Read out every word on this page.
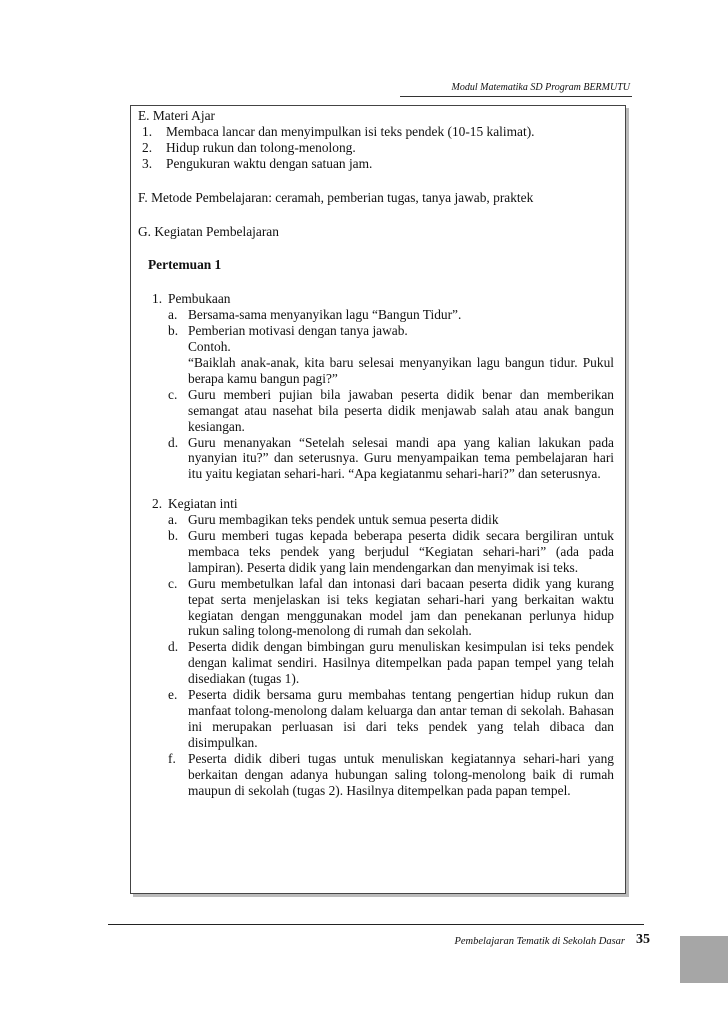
Modul Matematika SD Program BERMUTU

E. Materi Ajar

1. Membaca lancar dan menyimpulkan isi teks pendek (10-15 kalimat).
2. Hidup rukun dan tolong-menolong.
3. Pengukuran waktu dengan satuan jam.

F. Metode Pembelajaran: ceramah, pemberian tugas, tanya jawab, praktek

G. Kegiatan Pembelajaran

Pertemuan 1

1. Pembukaan
a. Bersama-sama menyanyikan lagu “Bangun Tidur”.
b. Pemberian motivasi dengan tanya jawab.
Contoh.
“Baiklah anak-anak, kita baru selesai menyanyikan lagu bangun tidur. Pukul berapa kamu bangun pagi?”
c. Guru memberi pujian bila jawaban peserta didik benar dan memberikan semangat atau nasehat bila peserta didik menjawab salah atau anak bangun kesiangan.
d. Guru menanyakan “Setelah selesai mandi apa yang kalian lakukan pada nyanyian itu?” dan seterusnya. Guru menyampaikan tema pembelajaran hari itu yaitu kegiatan sehari-hari. “Apa kegiatanmu sehari-hari?” dan seterusnya.
2. Kegiatan inti
a. Guru membagikan teks pendek untuk semua peserta didik
b. Guru memberi tugas kepada beberapa peserta didik secara bergiliran untuk membaca teks pendek yang berjudul “Kegiatan sehari-hari” (ada pada lampiran). Peserta didik yang lain mendengarkan dan menyimak isi teks.
c. Guru membetulkan lafal dan intonasi dari bacaan peserta didik yang kurang tepat serta menjelaskan isi teks kegiatan sehari-hari yang berkaitan waktu kegiatan dengan menggunakan model jam dan penekanan perlunya hidup rukun saling tolong-menolong di rumah dan sekolah.
d. Peserta didik dengan bimbingan guru menuliskan kesimpulan isi teks pendek dengan kalimat sendiri. Hasilnya ditempelkan pada papan tempel yang telah disediakan (tugas 1).
e. Peserta didik bersama guru membahas tentang pengertian hidup rukun dan manfaat tolong-menolong dalam keluarga dan antar teman di sekolah. Bahasan ini merupakan perluasan isi dari teks pendek yang telah dibaca dan disimpulkan.
f. Peserta didik diberi tugas untuk menuliskan kegiatannya sehari-hari yang berkaitan dengan adanya hubungan saling tolong-menolong baik di rumah maupun di sekolah (tugas 2). Hasilnya ditempelkan pada papan tempel.
Pembelajaran Tematik di Sekolah Dasar 35
